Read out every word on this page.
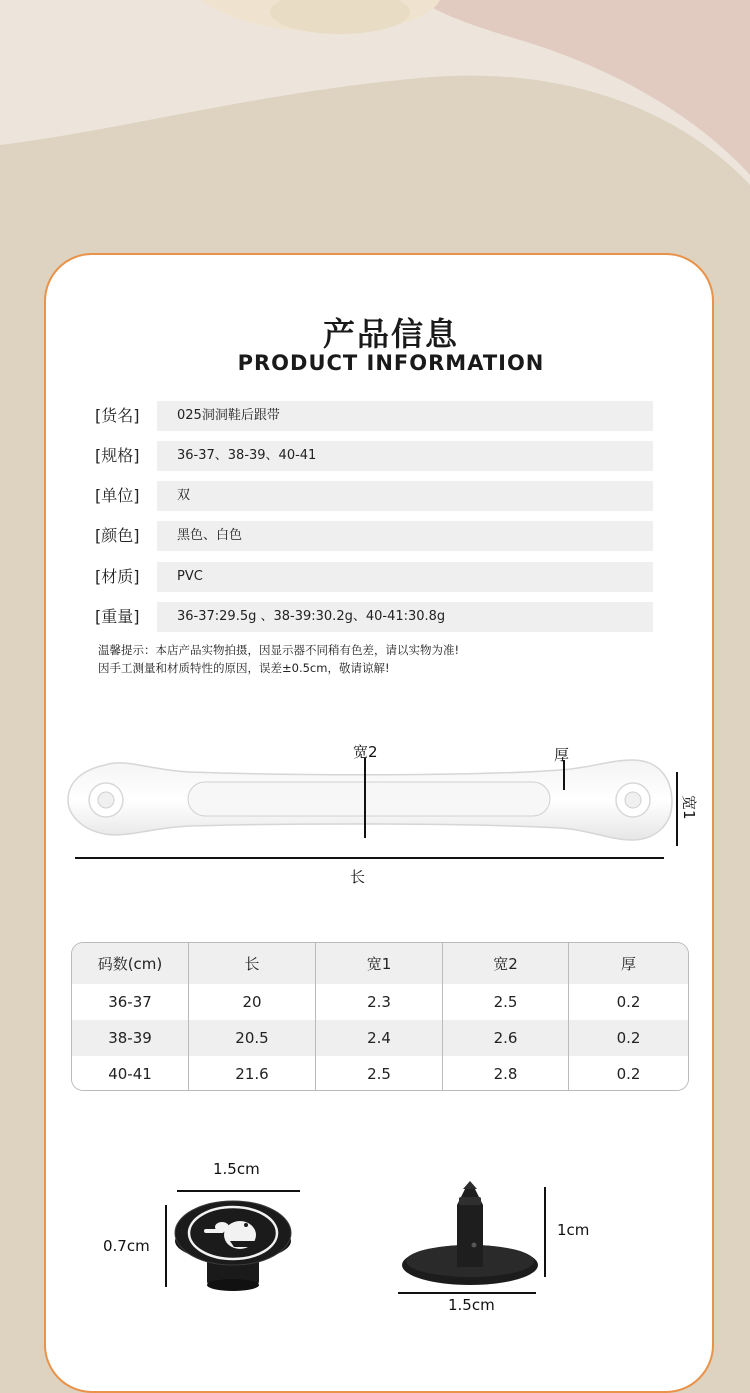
产品信息
PRODUCT INFORMATION
[货名]	025洞洞鞋后跟带
[规格]	36-37、38-39、40-41
[单位]	双
[颜色]	黑色、白色
[材质]	PVC
[重量]	36-37:29.5g 、38-39:30.2g、40-41:30.8g
温馨提示：本店产品实物拍摄，因显示器不同稍有色差，请以实物为准!
因手工测量和材质特性的原因，误差±0.5cm，敬请谅解!
宽2	厚
宽1
长
码数(cm)	长	宽1	宽2	厚
36-37	20	2.3	2.5	0.2
38-39	20.5	2.4	2.6	0.2
40-41	21.6	2.5	2.8	0.2
1.5cm
0.7cm
1cm
1.5cm
